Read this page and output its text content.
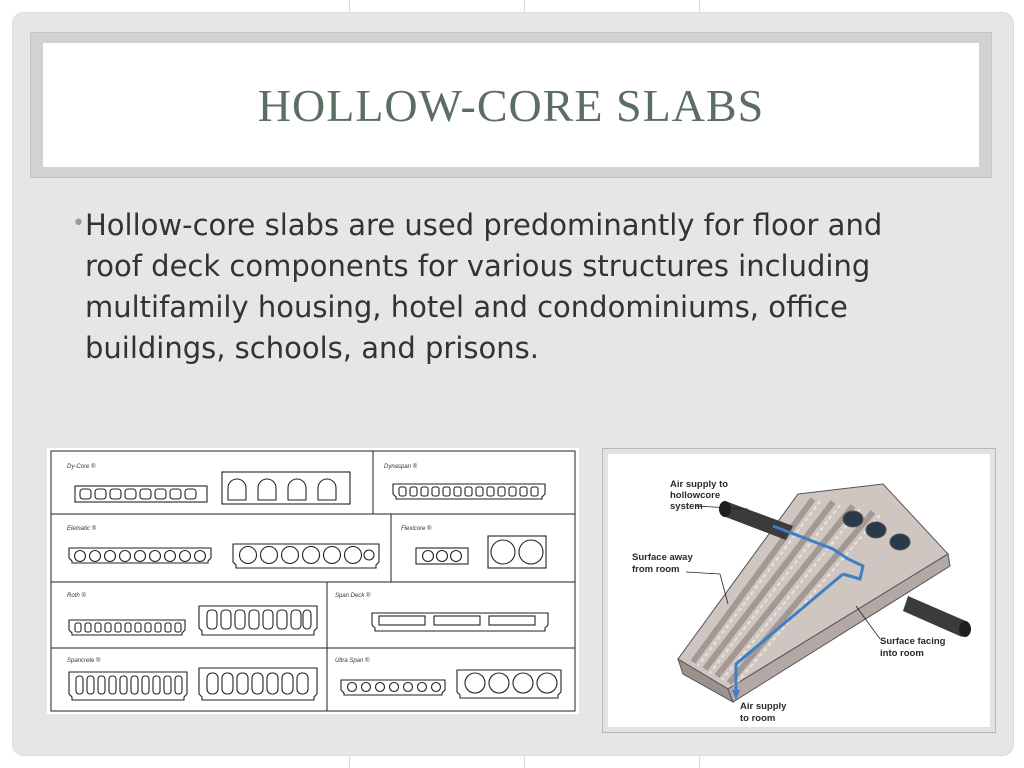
HOLLOW-CORE SLABS
• Hollow-core slabs are used predominantly for floor and roof deck components for various structures including multifamily housing, hotel and condominiums, office buildings, schools, and prisons.
Dy-Core ®	Dynaspan ®
Elematic ®	Flexicore ®
Roth ®	Span Deck ®
Spancrete ®	Ultra Span ®
Air supply to
hollowcore
system
Surface away
from room
Surface facing
into room
Air supply
to room
